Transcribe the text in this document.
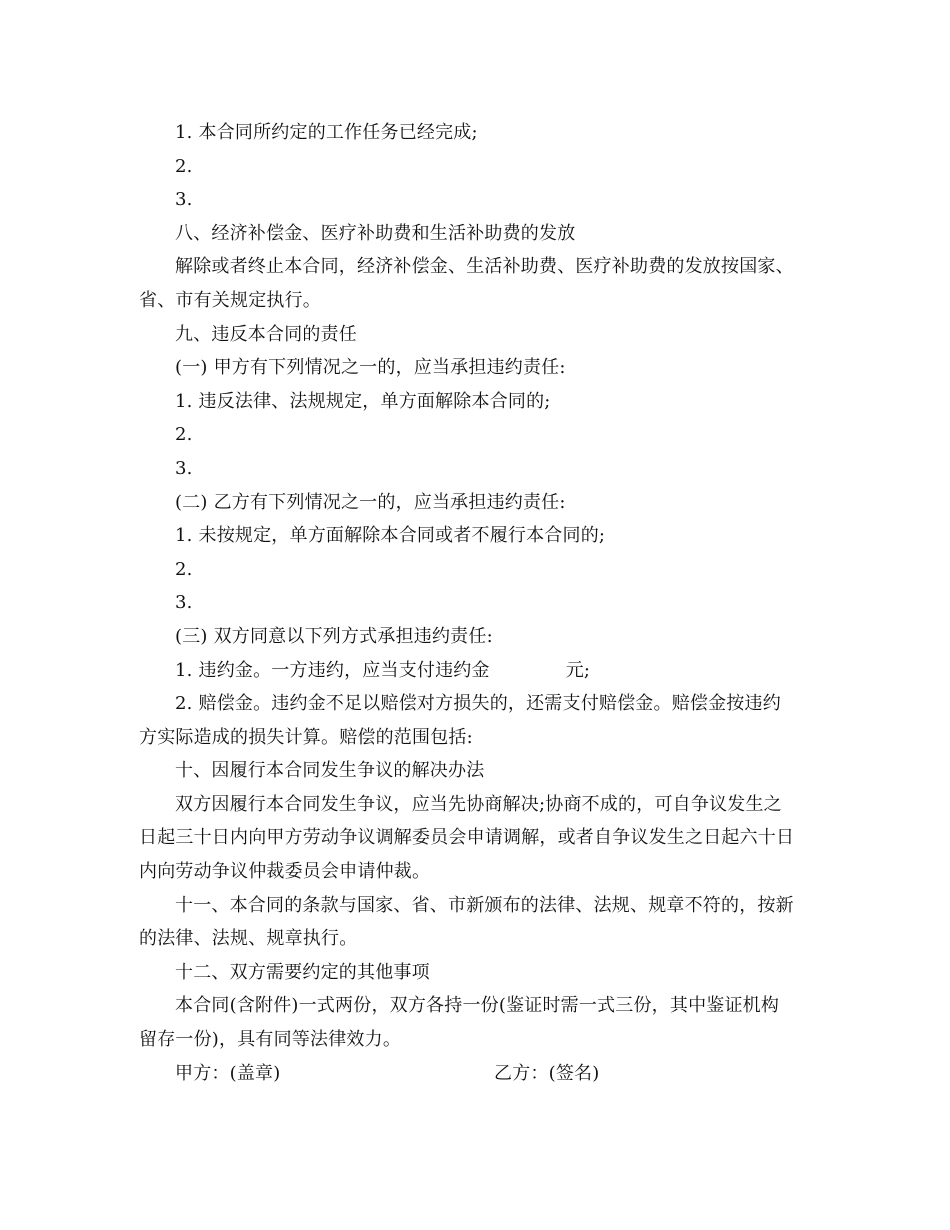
1. 本合同所约定的工作任务已经完成;
2.
3.
八、经济补偿金、医疗补助费和生活补助费的发放
解除或者终止本合同，经济补偿金、生活补助费、医疗补助费的发放按国家、
省、市有关规定执行。
九、违反本合同的责任
(一) 甲方有下列情况之一的，应当承担违约责任:
1. 违反法律、法规规定，单方面解除本合同的;
2.
3.
(二) 乙方有下列情况之一的，应当承担违约责任:
1. 未按规定，单方面解除本合同或者不履行本合同的;
2.
3.
(三) 双方同意以下列方式承担违约责任:
1. 违约金。一方违约，应当支付违约金	元;
2. 赔偿金。违约金不足以赔偿对方损失的，还需支付赔偿金。赔偿金按违约
方实际造成的损失计算。赔偿的范围包括:
十、因履行本合同发生争议的解决办法
双方因履行本合同发生争议，应当先协商解决;协商不成的，可自争议发生之
日起三十日内向甲方劳动争议调解委员会申请调解，或者自争议发生之日起六十日
内向劳动争议仲裁委员会申请仲裁。
十一、本合同的条款与国家、省、市新颁布的法律、法规、规章不符的，按新
的法律、法规、规章执行。
十二、双方需要约定的其他事项
本合同(含附件)一式两份，双方各持一份(鉴证时需一式三份，其中鉴证机构
留存一份)，具有同等法律效力。
甲方：(盖章)	乙方：(签名)
